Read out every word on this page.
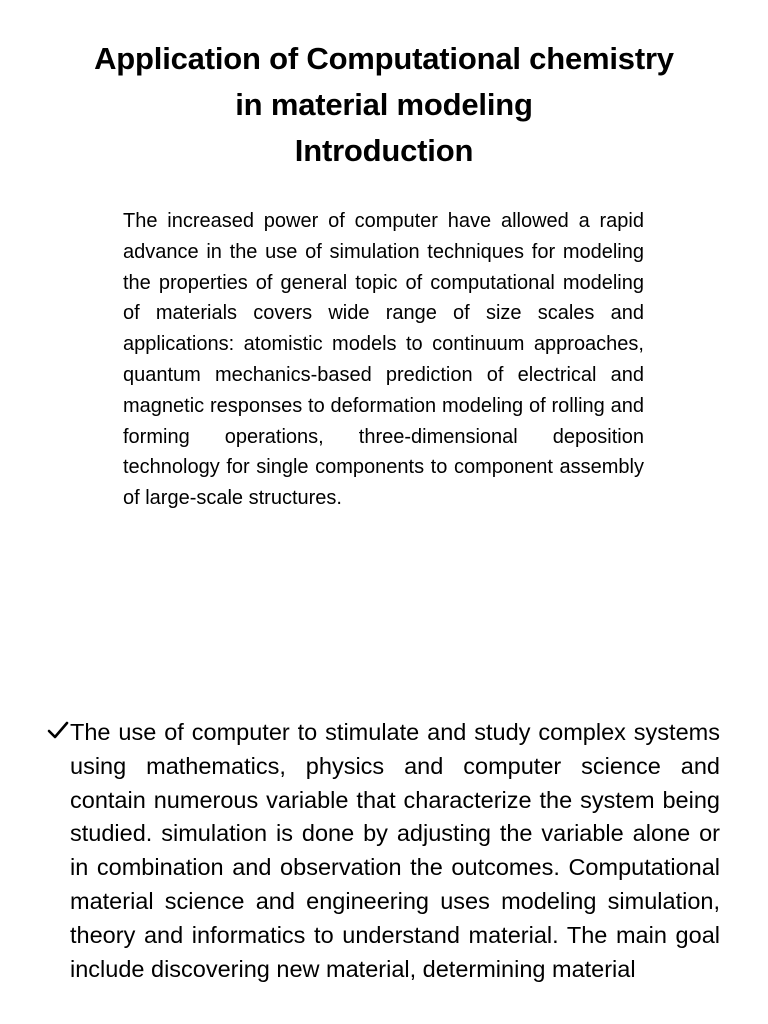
Application of Computational chemistry

in material modeling

Introduction

The increased power of computer have allowed a rapid advance in the use of simulation techniques for modeling the properties of general topic of computational modeling of materials covers wide range of size scales and applications: atomistic models to continuum approaches, quantum mechanics-based prediction of electrical and magnetic responses to deformation modeling of rolling and forming operations, three-dimensional deposition technology for single components to component assembly of large-scale structures.

The use of computer to stimulate and study complex systems using mathematics, physics and computer science and contain numerous variable that characterize the system being studied. simulation is done by adjusting the variable alone or in combination and observation the outcomes. Computational material science and engineering uses modeling simulation, theory and informatics to understand material. The main goal include discovering new material, determining material
